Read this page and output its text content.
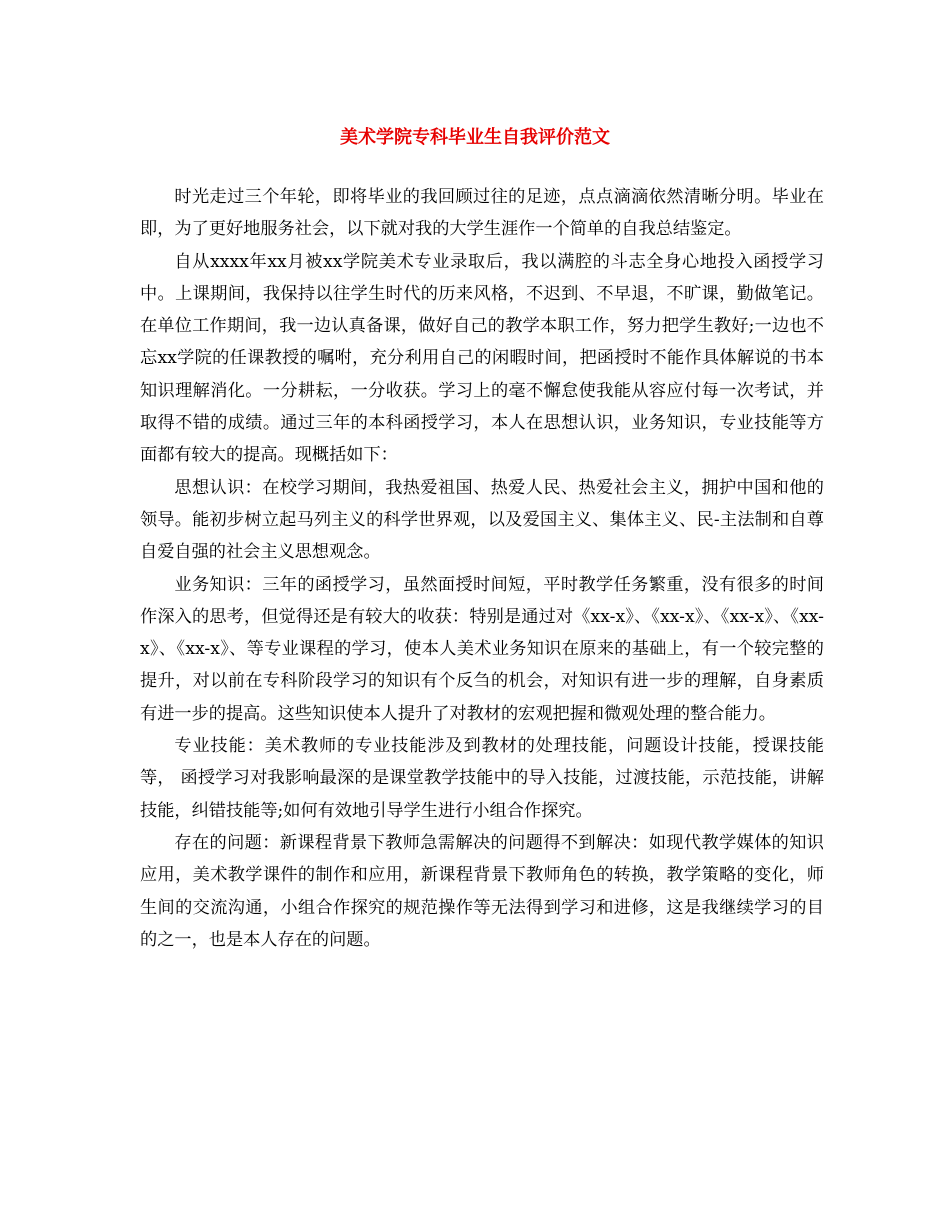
美术学院专科毕业生自我评价范文

时光走过三个年轮，即将毕业的我回顾过往的足迹，点点滴滴依然清晰分明。毕业在即，为了更好地服务社会，以下就对我的大学生涯作一个简单的自我总结鉴定。

自从xxxx年xx月被xx学院美术专业录取后，我以满腔的斗志全身心地投入函授学习中。上课期间，我保持以往学生时代的历来风格，不迟到、不早退，不旷课，勤做笔记。在单位工作期间，我一边认真备课，做好自己的教学本职工作，努力把学生教好;一边也不忘xx学院的任课教授的嘱咐，充分利用自己的闲暇时间，把函授时不能作具体解说的书本知识理解消化。一分耕耘，一分收获。学习上的毫不懈怠使我能从容应付每一次考试，并取得不错的成绩。通过三年的本科函授学习，本人在思想认识，业务知识，专业技能等方面都有较大的提高。现概括如下：

思想认识：在校学习期间，我热爱祖国、热爱人民、热爱社会主义，拥护中国和他的领导。能初步树立起马列主义的科学世界观，以及爱国主义、集体主义、民-主法制和自尊自爱自强的社会主义思想观念。

业务知识：三年的函授学习，虽然面授时间短，平时教学任务繁重，没有很多的时间作深入的思考，但觉得还是有较大的收获：特别是通过对《xx-x》、《xx-x》、《xx-x》、《xx-x》、《xx-x》、等专业课程的学习，使本人美术业务知识在原来的基础上，有一个较完整的提升，对以前在专科阶段学习的知识有个反刍的机会，对知识有进一步的理解，自身素质有进一步的提高。这些知识使本人提升了对教材的宏观把握和微观处理的整合能力。

专业技能：美术教师的专业技能涉及到教材的处理技能，问题设计技能，授课技能等， 函授学习对我影响最深的是课堂教学技能中的导入技能，过渡技能，示范技能，讲解技能，纠错技能等;如何有效地引导学生进行小组合作探究。

存在的问题：新课程背景下教师急需解决的问题得不到解决：如现代教学媒体的知识应用，美术教学课件的制作和应用，新课程背景下教师角色的转换，教学策略的变化，师生间的交流沟通，小组合作探究的规范操作等无法得到学习和进修，这是我继续学习的目的之一，也是本人存在的问题。
